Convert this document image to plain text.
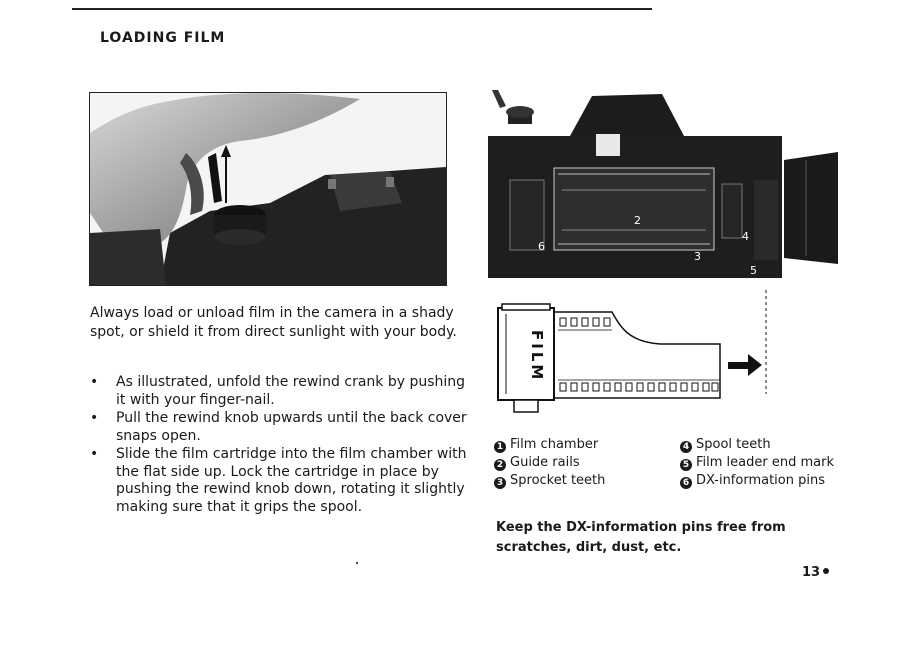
LOADING FILM
2
6
4
3
5
FILM
Always load or unload film in the camera in a shady spot, or shield it from direct sunlight with your body.
• As illustrated, unfold the rewind crank by pushing it with your finger-nail.
• Pull the rewind knob upwards until the back cover snaps open.
• Slide the film cartridge into the film chamber with the flat side up. Lock the cartridge in place by pushing the rewind knob down, rotating it slightly making sure that it grips the spool.
1 Film chamber
2 Guide rails
3 Sprocket teeth
4 Spool teeth
5 Film leader end mark
6 DX-information pins
Keep the DX-information pins free from scratches, dirt, dust, etc.
13
